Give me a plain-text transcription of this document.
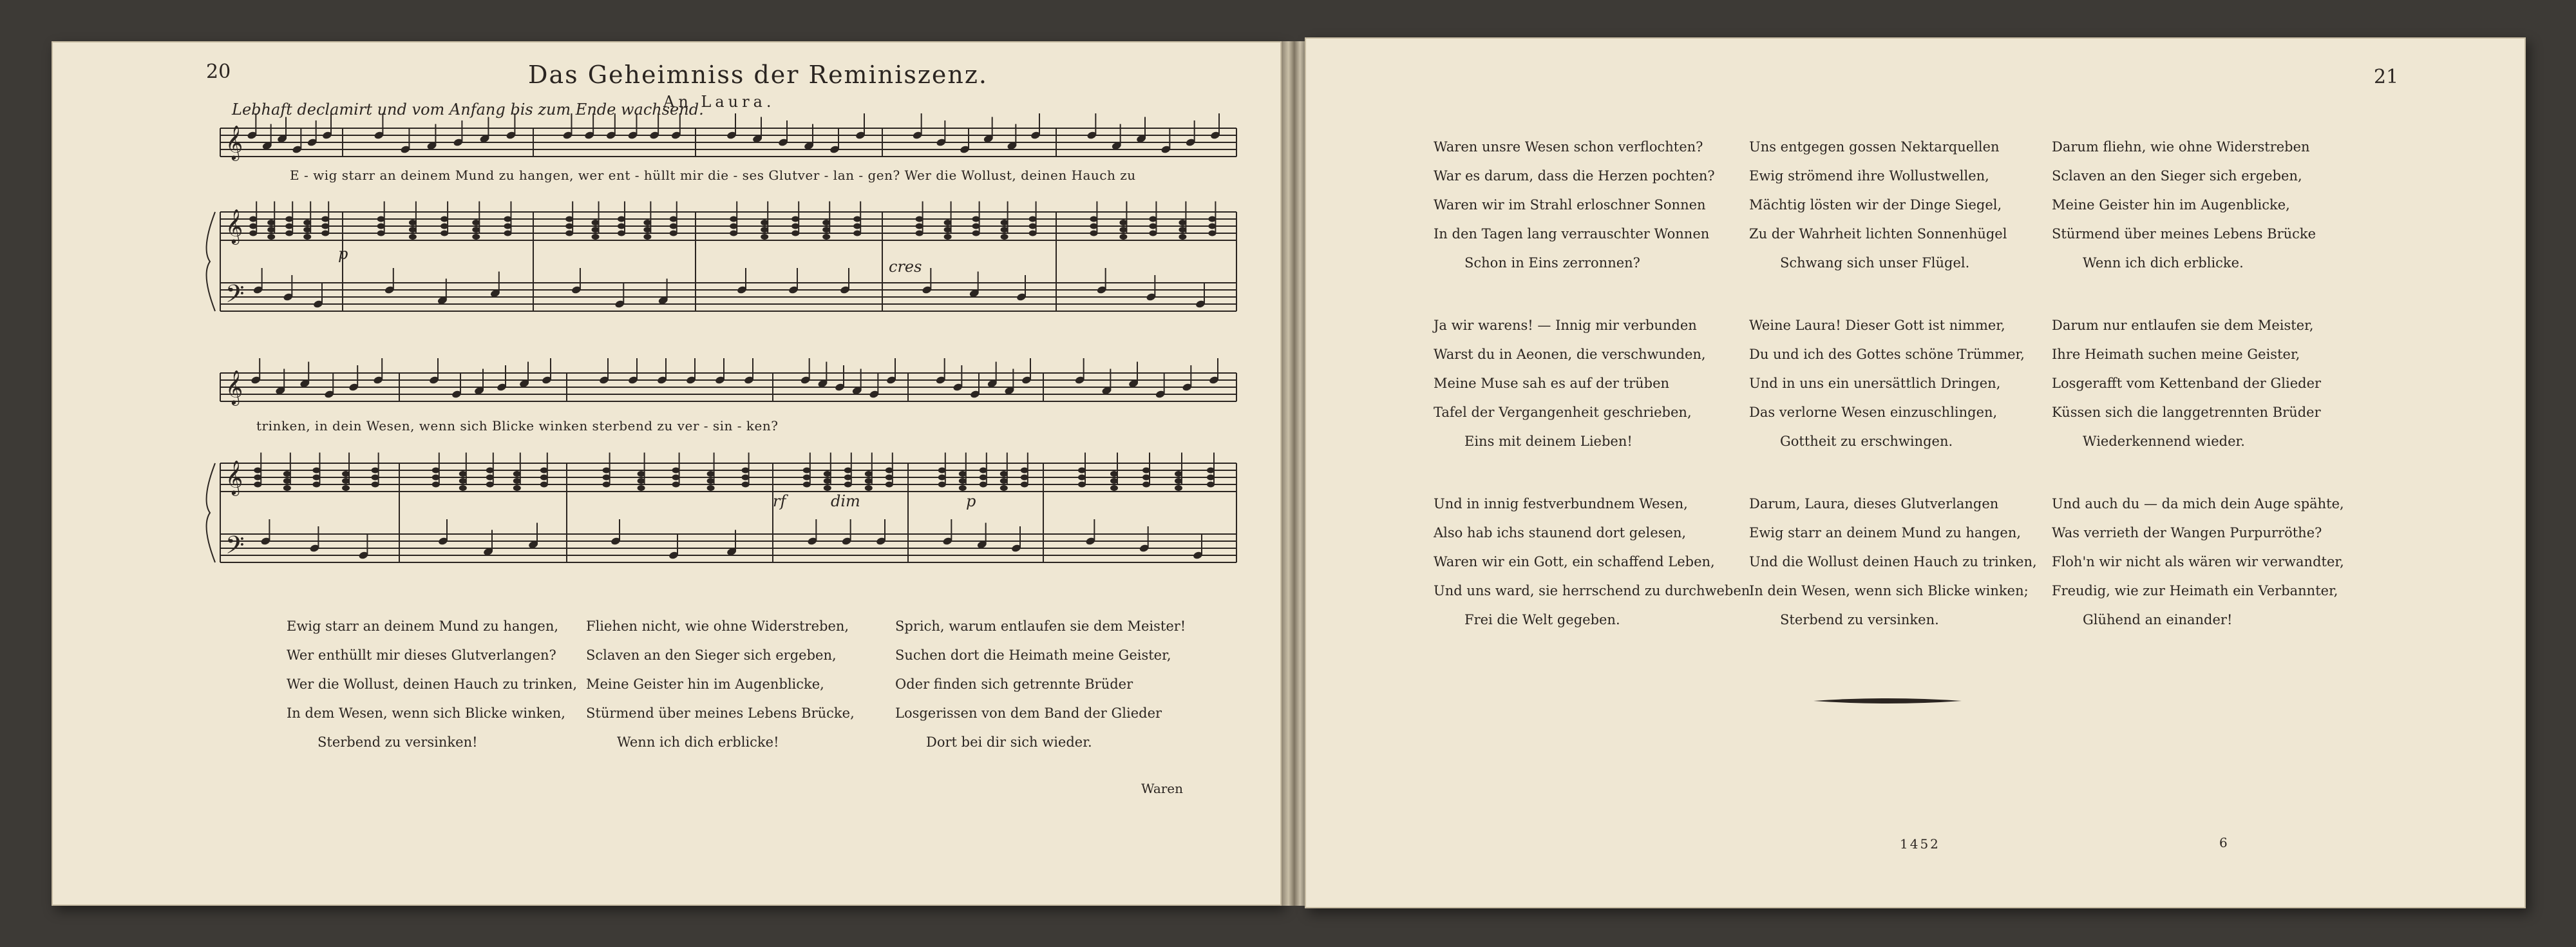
20	Das Geheimniss der Reminiszenz.
An Laura.
Lebhaft declamirt und vom Anfang bis zum Ende wachsend.
𝄞
𝄞
𝄢
𝄞
𝄞
𝄢
p
cres
rf	dim	p
E - wig starr an deinem Mund zu hangen, wer ent - hüllt mir die - ses Glutver - lan - gen? Wer die Wollust, deinen Hauch zu
trinken, in dein Wesen, wenn sich Blicke winken sterbend zu ver - sin - ken?
Ewig starr an deinem Mund zu hangen,
Wer enthüllt mir dieses Glutverlangen?
Wer die Wollust, deinen Hauch zu trinken,
In dem Wesen, wenn sich Blicke winken,
Sterbend zu versinken!
Fliehen nicht, wie ohne Widerstreben,
Sclaven an den Sieger sich ergeben,
Meine Geister hin im Augenblicke,
Stürmend über meines Lebens Brücke,
Wenn ich dich erblicke!
Sprich, warum entlaufen sie dem Meister!
Suchen dort die Heimath meine Geister,
Oder finden sich getrennte Brüder
Losgerissen von dem Band der Glieder
Dort bei dir sich wieder.
Waren
21
Waren unsre Wesen schon verflochten?
War es darum, dass die Herzen pochten?
Waren wir im Strahl erloschner Sonnen
In den Tagen lang verrauschter Wonnen
Schon in Eins zerronnen?
Uns entgegen gossen Nektarquellen
Ewig strömend ihre Wollustwellen,
Mächtig lösten wir der Dinge Siegel,
Zu der Wahrheit lichten Sonnenhügel
Schwang sich unser Flügel.
Darum fliehn, wie ohne Widerstreben
Sclaven an den Sieger sich ergeben,
Meine Geister hin im Augenblicke,
Stürmend über meines Lebens Brücke
Wenn ich dich erblicke.
Ja wir warens! — Innig mir verbunden
Warst du in Aeonen, die verschwunden,
Meine Muse sah es auf der trüben
Tafel der Vergangenheit geschrieben,
Eins mit deinem Lieben!
Weine Laura! Dieser Gott ist nimmer,
Du und ich des Gottes schöne Trümmer,
Und in uns ein unersättlich Dringen,
Das verlorne Wesen einzuschlingen,
Gottheit zu erschwingen.
Darum nur entlaufen sie dem Meister,
Ihre Heimath suchen meine Geister,
Losgerafft vom Kettenband der Glieder
Küssen sich die langgetrennten Brüder
Wiederkennend wieder.
Und in innig festverbundnem Wesen,
Also hab ichs staunend dort gelesen,
Waren wir ein Gott, ein schaffend Leben,
Und uns ward, sie herrschend zu durchweben
Frei die Welt gegeben.
Darum, Laura, dieses Glutverlangen
Ewig starr an deinem Mund zu hangen,
Und die Wollust deinen Hauch zu trinken,
In dein Wesen, wenn sich Blicke winken;
Sterbend zu versinken.
Und auch du — da mich dein Auge spähte,
Was verrieth der Wangen Purpurröthe?
Floh'n wir nicht als wären wir verwandter,
Freudig, wie zur Heimath ein Verbannter,
Glühend an einander!
1452	6
